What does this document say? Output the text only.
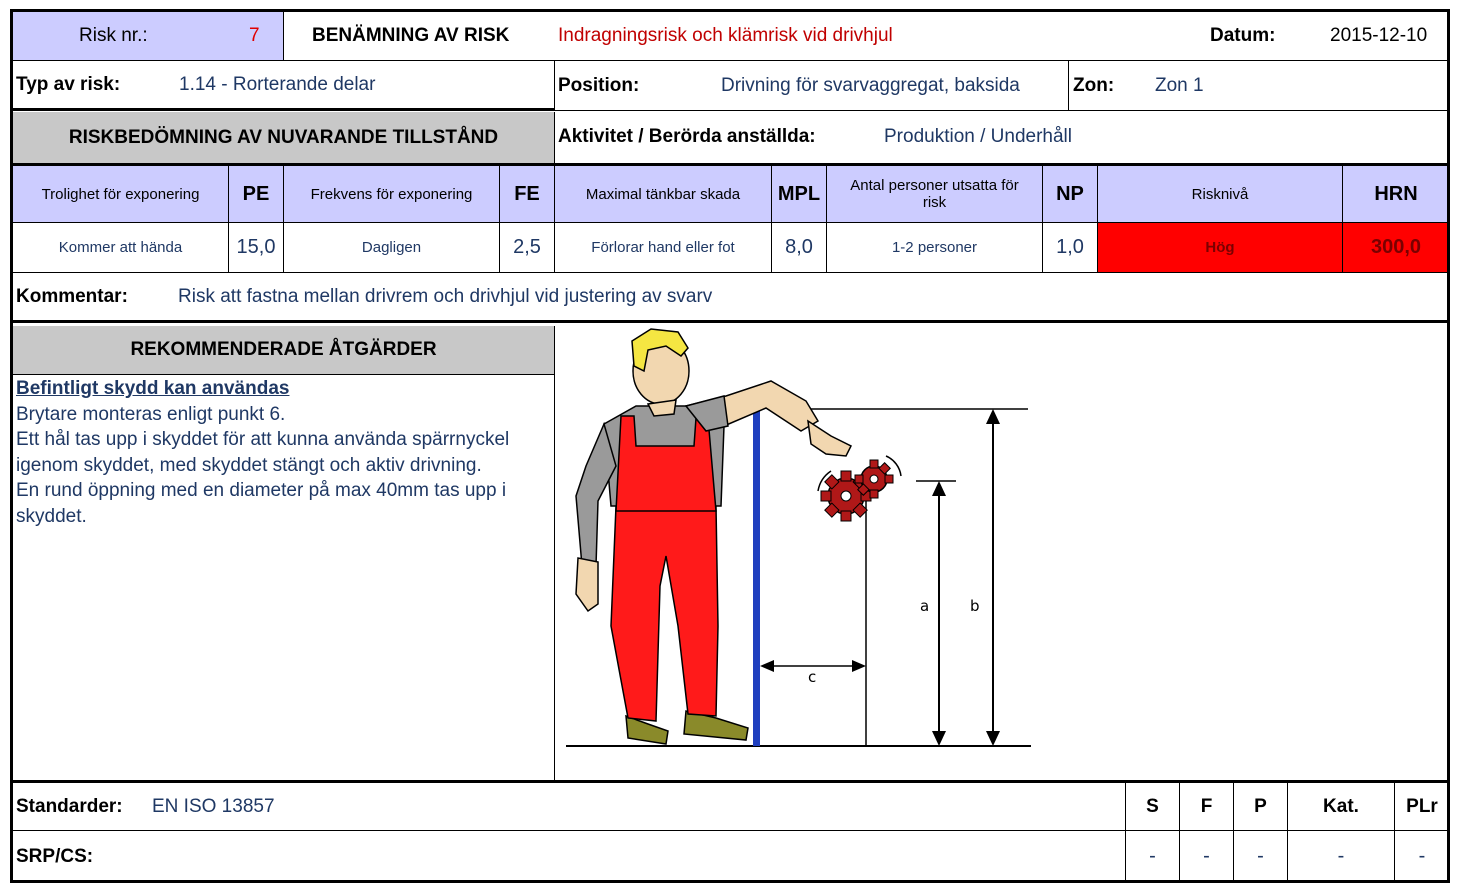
Risk nr.:	7	BENÄMNING AV RISK	Indragningsrisk och klämrisk vid drivhjul	Datum:	2015-12-10
Typ av risk:	1.14 - Rorterande delar	Position:	Drivning för svarvaggregat, baksida	Zon: Zon 1
RISKBEDÖMNING AV NUVARANDE TILLSTÅND	Aktivitet / Berörda anställda:	Produktion / Underhåll
Trolighet för exponering	PE	Frekvens för exponering	FE	Maximal tänkbar skada	MPL	Antal personer utsatta för risk	NP	Risknivå	HRN
Kommer att hända	15,0	Dagligen	2,5	Förlorar hand eller fot	8,0	1-2 personer	1,0	Hög	300,0
Kommentar:	Risk att fastna mellan drivrem och drivhjul vid justering av svarv
REKOMMENDERADE ÅTGÄRDER
Befintligt skydd kan användas
Brytare monteras enligt punkt 6.
Ett hål tas upp i skyddet för att kunna använda spärrnyckel igenom skyddet, med skyddet stängt och aktiv drivning.
En rund öppning med en diameter på max 40mm tas upp i skyddet.
a	b
c
Standarder: EN ISO 13857	S	F	P	Kat.	PLr
SRP/CS:	-	-	-	-	-
